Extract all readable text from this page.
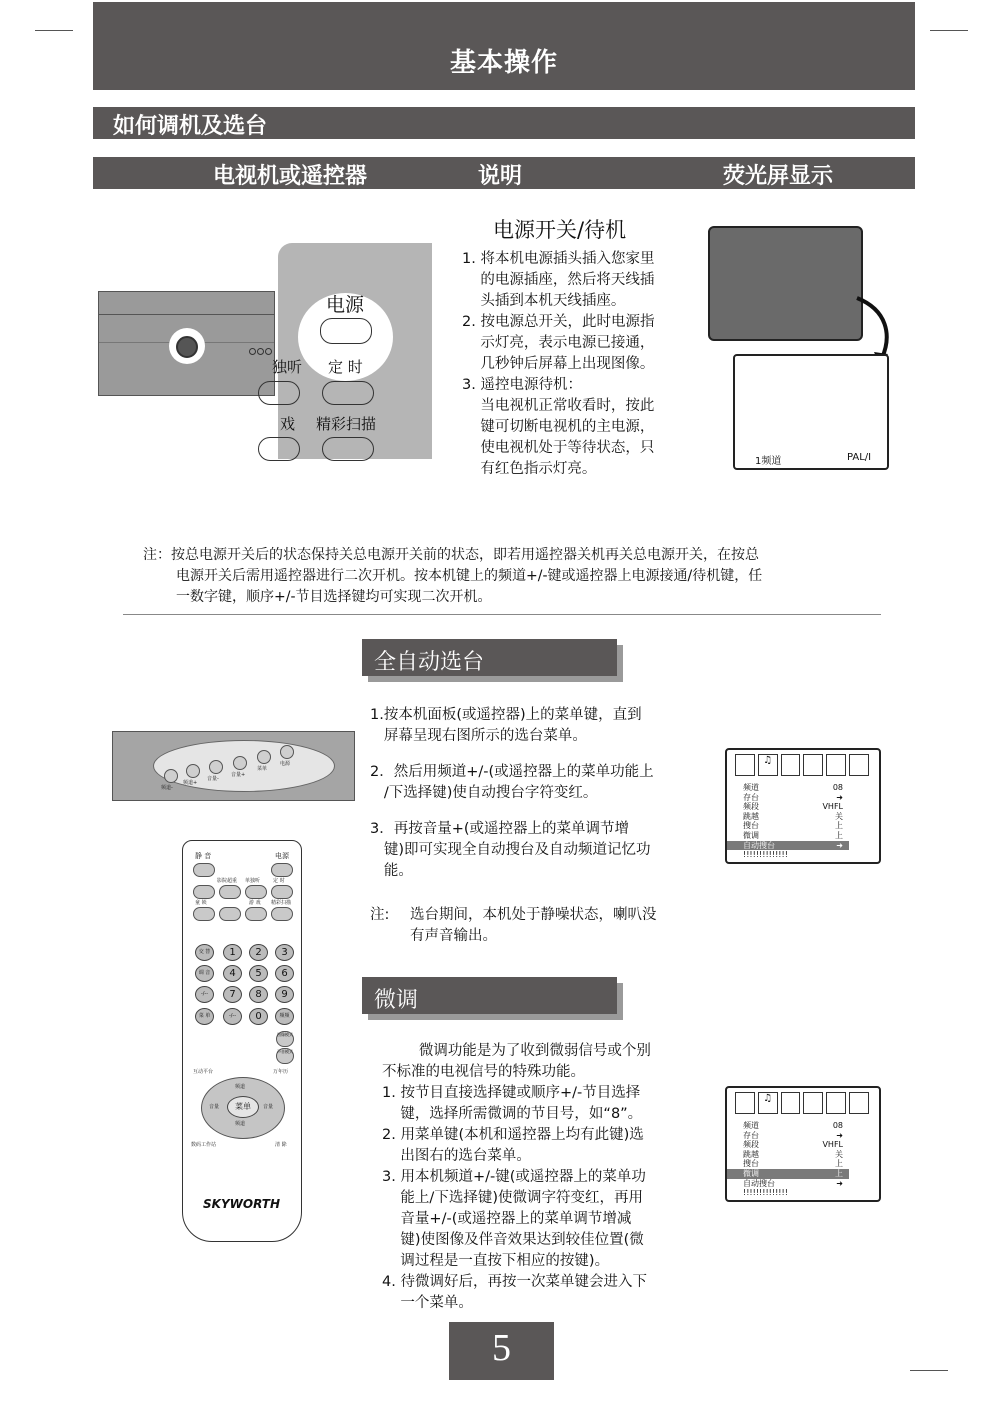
基本操作
如何调机及选台
电视机或遥控器	说明	荧光屏显示
电源
独听 定 时
戏 精彩扫描
电源开关/待机
1. 将本机电源插头插入您家里
的电源插座，然后将天线插
头插到本机天线插座。
2. 按电源总开关，此时电源指
示灯亮，表示电源已接通，
几秒钟后屏幕上出现图像。
3. 遥控电源待机：
当电视机正常收看时，按此
键可切断电视机的主电源，
使电视机处于等待状态，只
有红色指示灯亮。	1频道	PAL/I
注：按总电源开关后的状态保持关总电源开关前的状态，即若用遥控器关机再关总电源开关，在按总
电源开关后需用遥控器进行二次开机。按本机键上的频道+/-键或遥控器上电源接通/待机键，任
一数字键，顺序+/-节目选择键均可实现二次开机。
全自动选台
1.按本机面板(或遥控器)上的菜单键，直到
屏幕呈现右图所示的选台菜单。
2．然后用频道+/-(或遥控器上的菜单功能上
/下选择键)使自动搜台字符变红。
3．再按音量+(或遥控器上的菜单调节增
键)即可实现全自动搜台及自动频道记忆功
能。
注: 选台期间，本机处于静噪状态，喇叭没
有声音输出。
♫
频道	08
存台	➜
频段	VHFL
跳越	关
搜台	上
微调	上
自动搜台	➜
!!!!!!!!!!!!!!
频道-
频道+
音量-
音量+
菜单
电源
静 音	电源
影院超重 单独听	定 时
童 锁	游 戏 精彩扫描
交 替
调 音
-/--
菜 单
1	2	3
4	5	6
7	8	9
-/--	0	频频
图像模式
声音模式
互动平台	万年历
菜单
频道
频道
音量	音量
数码工作站	清 除
SKYWORTH
微调
微调功能是为了收到微弱信号或个别
不标准的电视信号的特殊功能。
1. 按节目直接选择键或顺序+/-节目选择
键，选择所需微调的节目号，如“8”。
2. 用菜单键(本机和遥控器上均有此键)选
出图右的选台菜单。
3. 用本机频道+/-键(或遥控器上的菜单功
能上/下选择键)使微调字符变红，再用
音量+/-(或遥控器上的菜单调节增减
键)使图像及伴音效果达到较佳位置(微
调过程是一直按下相应的按键)。
4. 待微调好后，再按一次菜单键会进入下
一个菜单。
♫
频道	08
存台	➜
频段	VHFL
跳越	关
搜台	上
微调	上
自动搜台	➜
!!!!!!!!!!!!!!
5
